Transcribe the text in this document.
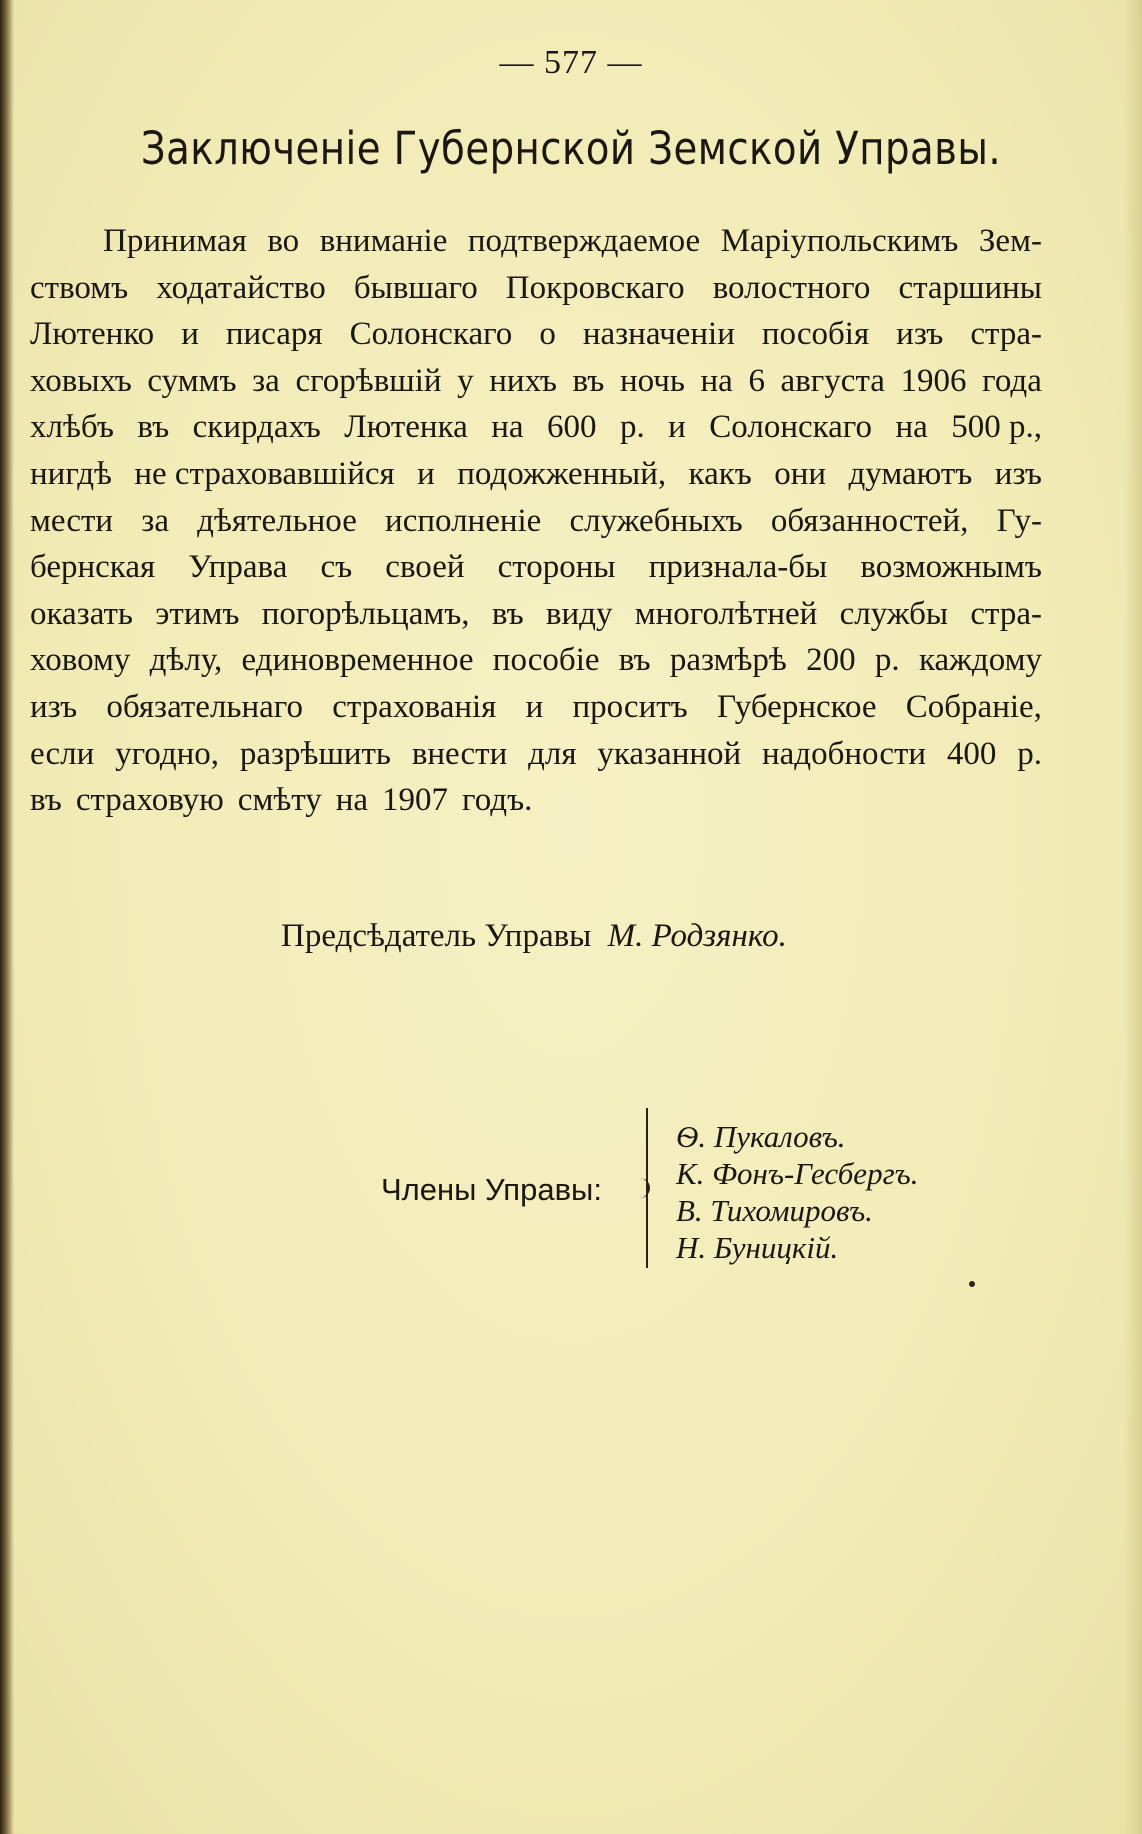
— 577 —
Заключенiе Губернской Земской Управы.
Принимая во вниманiе подтверждаемое Марiупольскимъ Зем-
ствомъ ходатайство бывшаго Покровскаго волостного старшины
Лютенко и писаря Солонскаго о назначенiи пособiя изъ стра-
ховыхъ суммъ за сгорѣвшiй у нихъ въ ночь на 6 августа 1906 года
хлѣбъ въ скирдахъ Лютенка на 600 р. и Солонскаго на 500 р.,
нигдѣ не страховавшiйся и подожженный, какъ они думаютъ изъ
мести за дѣятельное исполненiе служебныхъ обязанностей, Гу-
бернская Управа съ своей стороны признала-бы возможнымъ
оказать этимъ погорѣльцамъ, въ виду многолѣтней службы стра-
ховому дѣлу, единовременное пособiе въ размѣрѣ 200 р. каждому
изъ обязательнаго страхованiя и проситъ Губернское Собранiе,
если угодно, разрѣшить внести для указанной надобности 400 р.
въ страховую смѣту на 1907 годъ.
Предсѣдатель Управы М. Родзянко.
Члены Управы:
Ѳ. Пукаловъ.
К. Фонъ-Гесбергъ.
В. Тихомировъ.
Н. Буницкiй.
